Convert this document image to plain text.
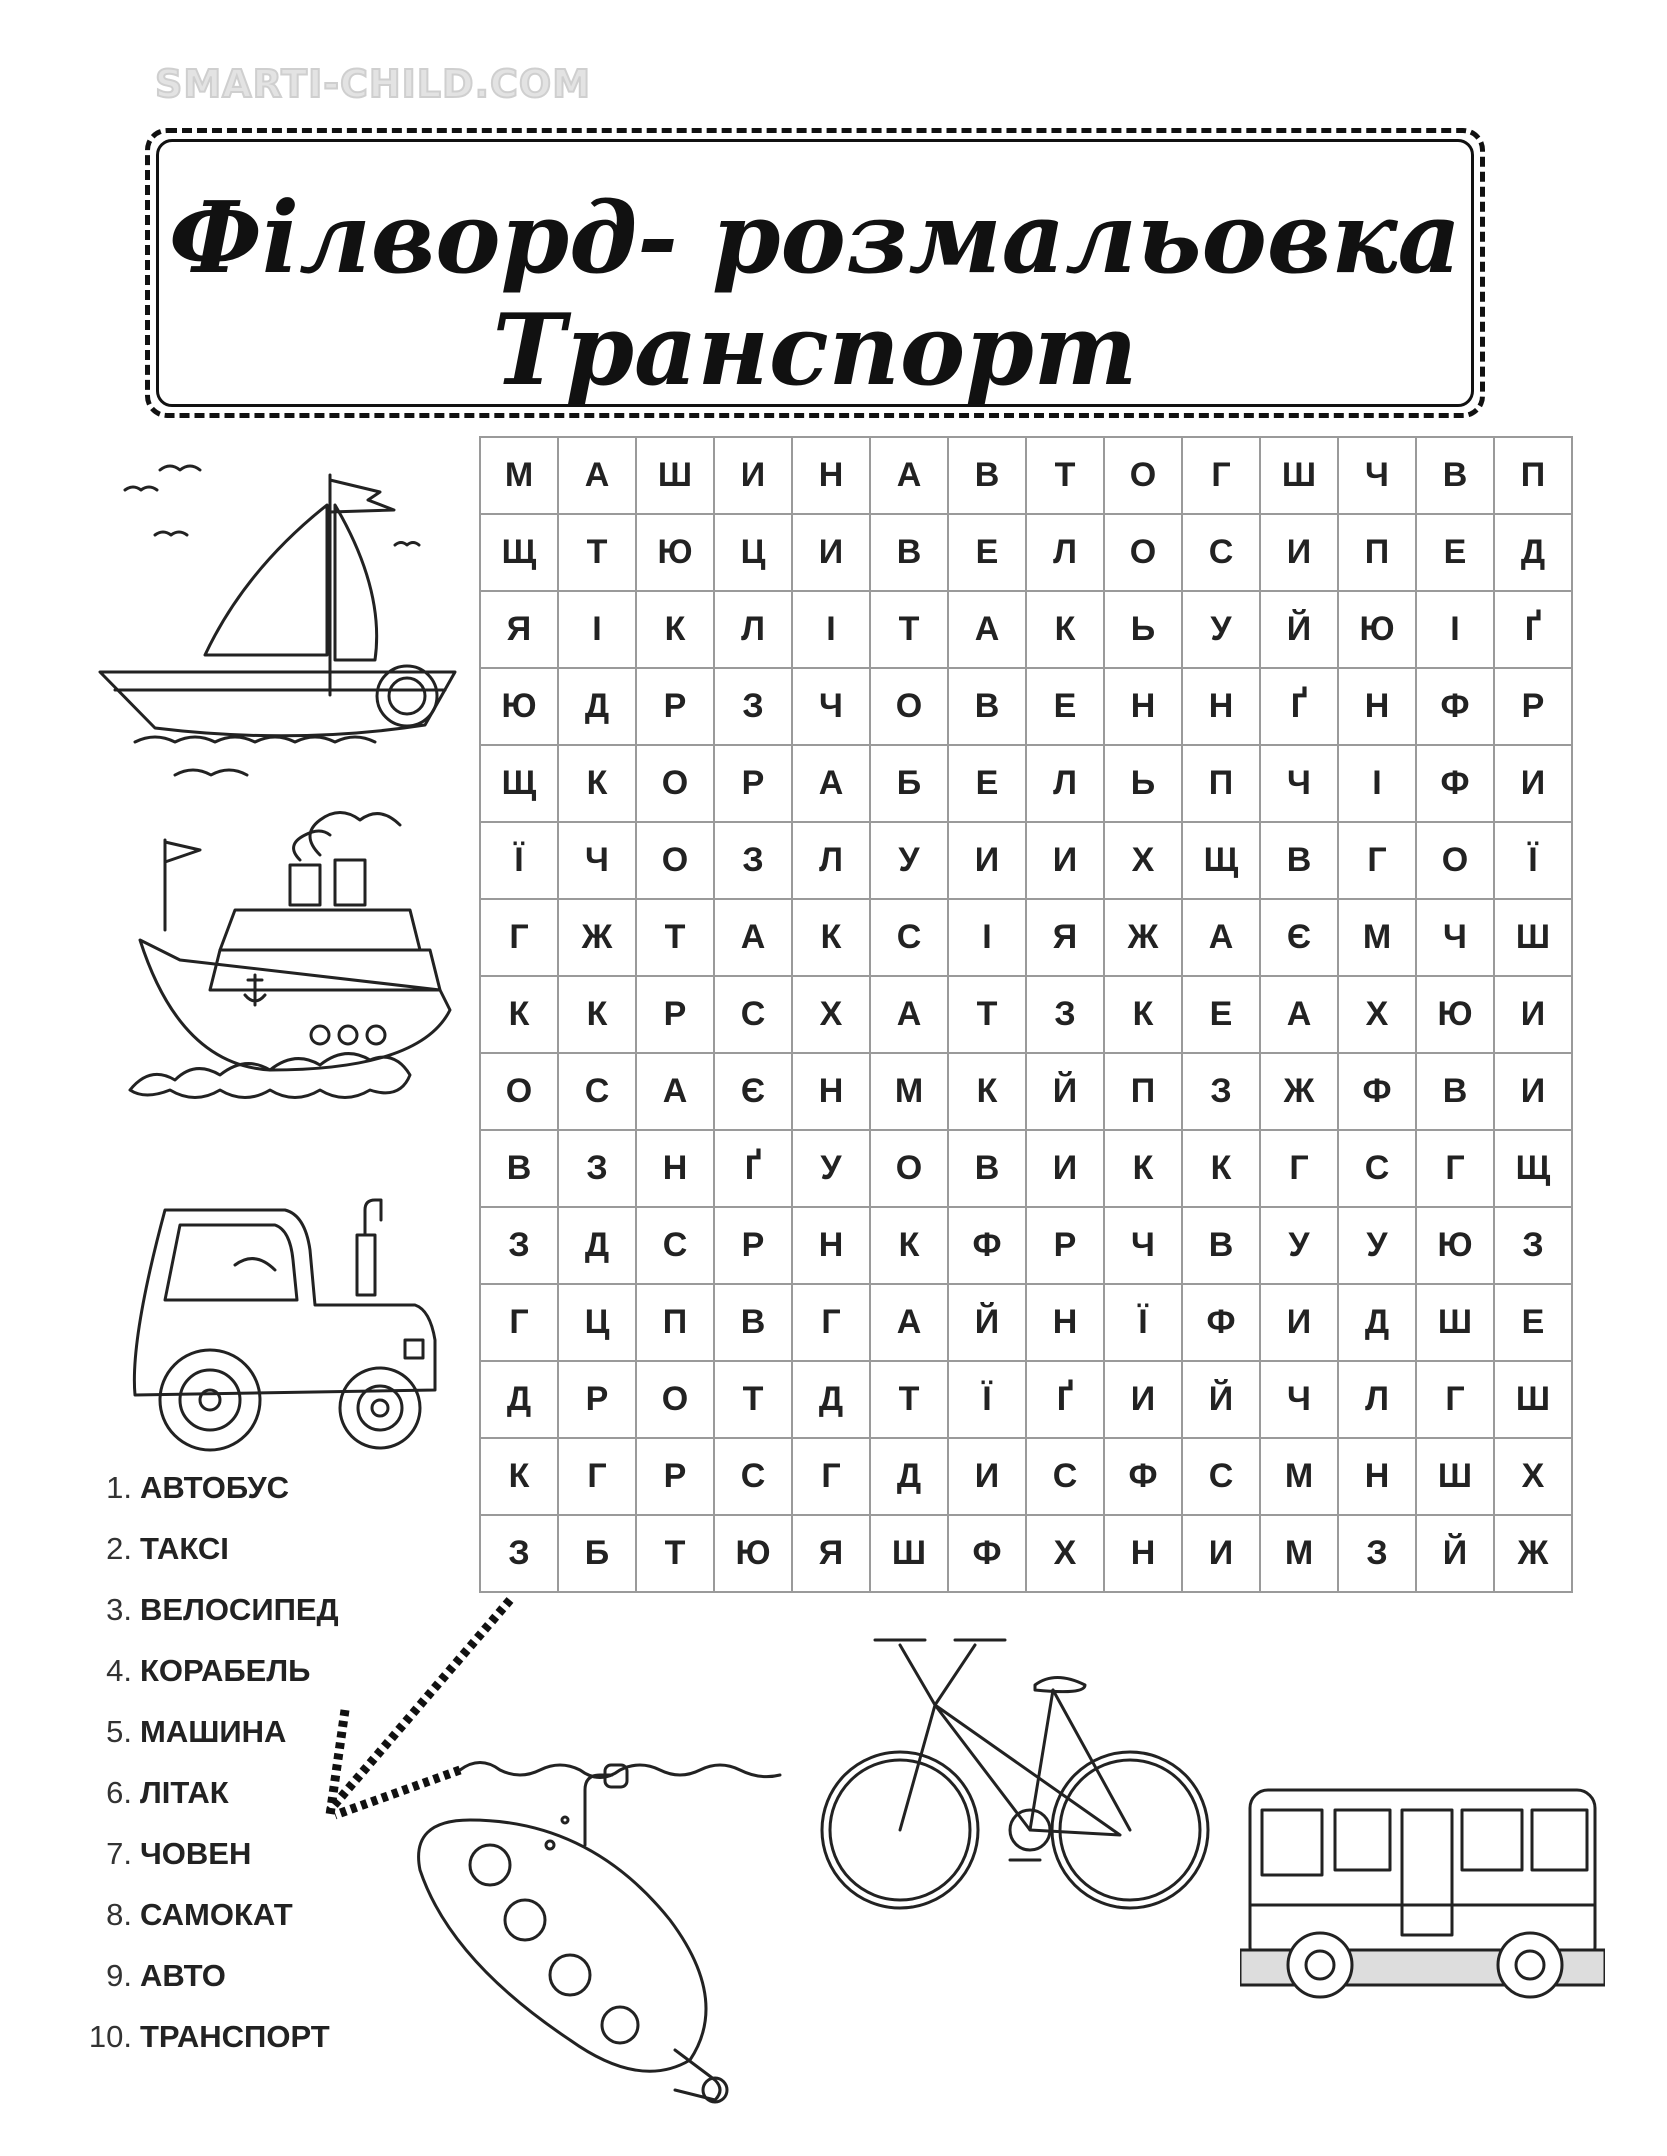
SMARTI-CHILD.COM
Філворд- розмальовка
Транспорт
М	А	Ш	И	Н	А	В	Т	О	Г	Ш	Ч	В	П
Щ	Т	Ю	Ц	И	В	Е	Л	О	С	И	П	Е	Д
Я	І	К	Л	І	Т	А	К	Ь	У	Й	Ю	І	Ґ
Ю	Д	Р	З	Ч	О	В	Е	Н	Н	Ґ	Н	Ф	Р
Щ	К	О	Р	А	Б	Е	Л	Ь	П	Ч	І	Ф	И
Ї	Ч	О	З	Л	У	И	И	Х	Щ	В	Г	О	Ї
Г	Ж	Т	А	К	С	І	Я	Ж	А	Є	М	Ч	Ш
К	К	Р	С	Х	А	Т	З	К	Е	А	Х	Ю	И
О	С	А	Є	Н	М	К	Й	П	З	Ж	Ф	В	И
В	З	Н	Ґ	У	О	В	И	К	К	Г	С	Г	Щ
З	Д	С	Р	Н	К	Ф	Р	Ч	В	У	У	Ю	З
Г	Ц	П	В	Г	А	Й	Н	Ї	Ф	И	Д	Ш	Е
Д	Р	О	Т	Д	Т	Ї	Ґ	И	Й	Ч	Л	Г	Ш
К	Г	Р	С	Г	Д	И	С	Ф	С	М	Н	Ш	Х
З	Б	Т	Ю	Я	Ш	Ф	Х	Н	И	М	З	Й	Ж
1. АВТОБУС
2. ТАКСІ
3. ВЕЛОСИПЕД
4. КОРАБЕЛЬ
5. МАШИНА
6. ЛІТАК
7. ЧОВЕН
8. САМОКАТ
9. АВТО
10. ТРАНСПОРТ
